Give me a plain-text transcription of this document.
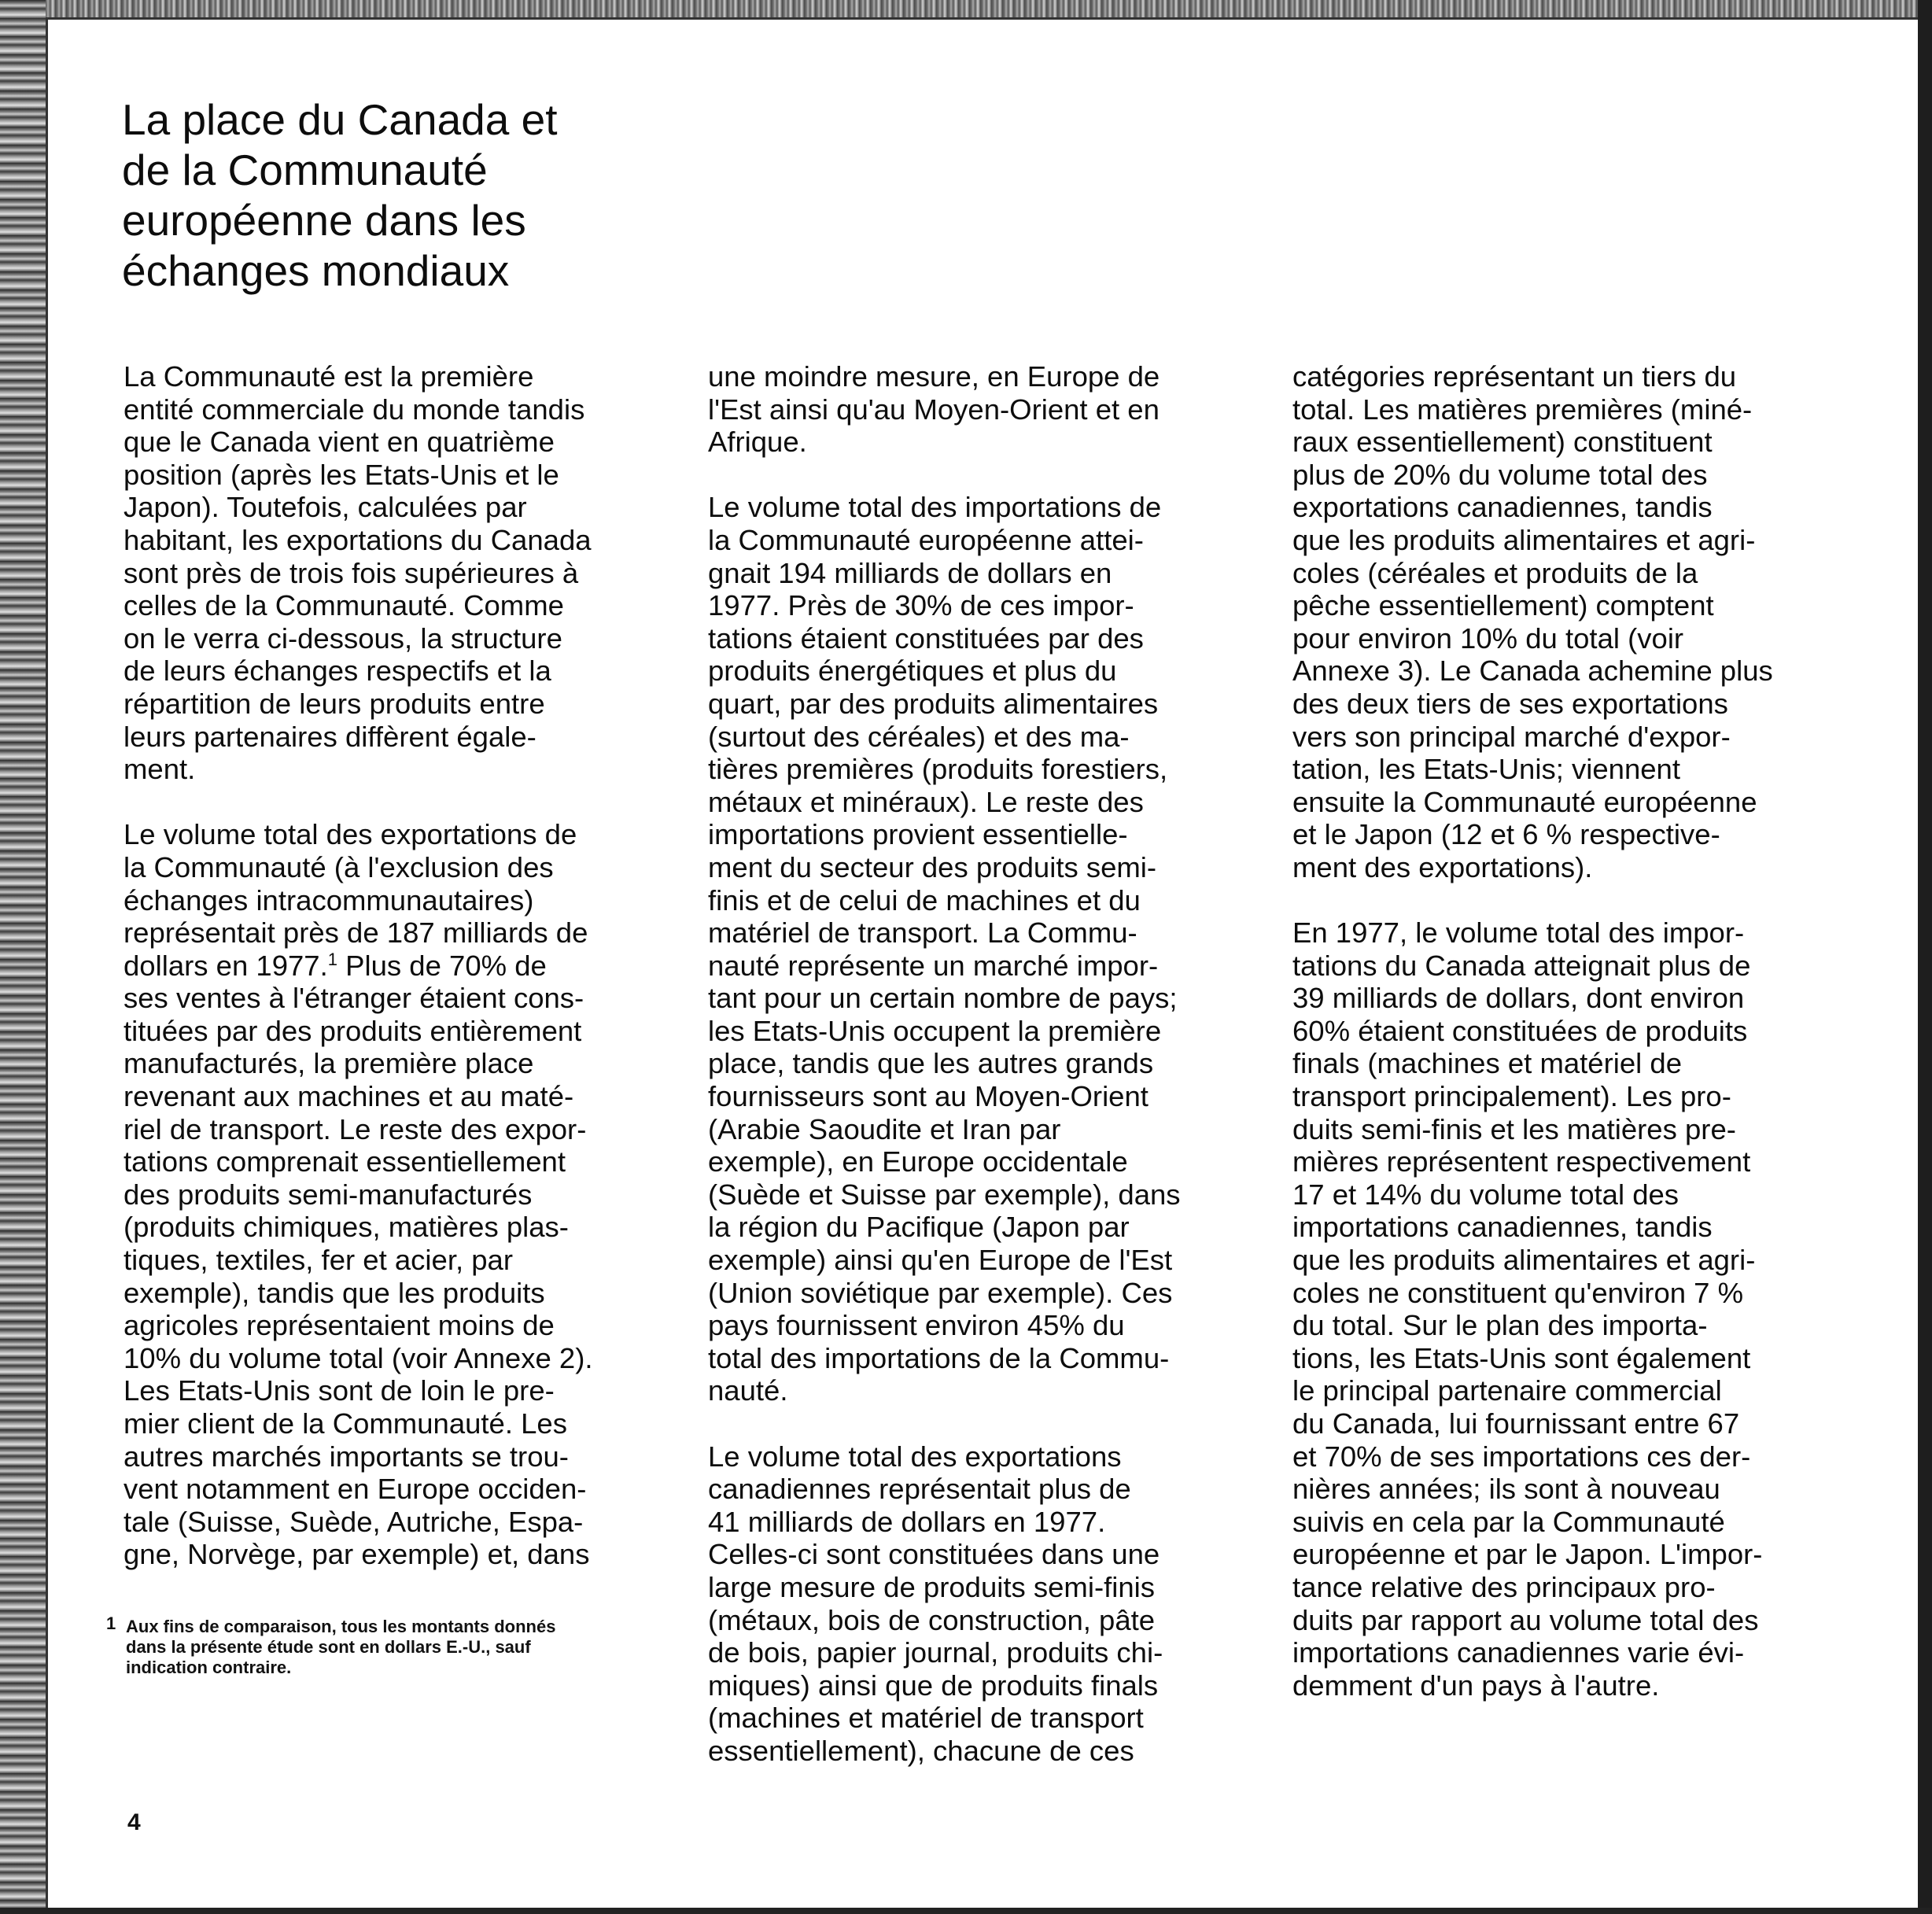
La place du Canada et
de la Communauté
européenne dans les
échanges mondiaux

La Communauté est la première
entité commerciale du monde tandis
que le Canada vient en quatrième
position (après les Etats-Unis et le
Japon). Toutefois, calculées par
habitant, les exportations du Canada
sont près de trois fois supérieures à
celles de la Communauté. Comme
on le verra ci-dessous, la structure
de leurs échanges respectifs et la
répartition de leurs produits entre
leurs partenaires diffèrent égale-
ment.

Le volume total des exportations de
la Communauté (à l'exclusion des
échanges intracommunautaires)
représentait près de 187 milliards de
dollars en 1977.$^1$ Plus de 70% de
ses ventes à l'étranger étaient cons-
tituées par des produits entièrement
manufacturés, la première place
revenant aux machines et au maté-
riel de transport. Le reste des expor-
tations comprenait essentiellement
des produits semi-manufacturés
(produits chimiques, matières plas-
tiques, textiles, fer et acier, par
exemple), tandis que les produits
agricoles représentaient moins de
10% du volume total (voir Annexe 2).
Les Etats-Unis sont de loin le pre-
mier client de la Communauté. Les
autres marchés importants se trou-
vent notamment en Europe occiden-
tale (Suisse, Suède, Autriche, Espa-
gne, Norvège, par exemple) et, dans

une moindre mesure, en Europe de
l'Est ainsi qu'au Moyen-Orient et en
Afrique.

Le volume total des importations de
la Communauté européenne attei-
gnait 194 milliards de dollars en
1977. Près de 30% de ces impor-
tations étaient constituées par des
produits énergétiques et plus du
quart, par des produits alimentaires
(surtout des céréales) et des ma-
tières premières (produits forestiers,
métaux et minéraux). Le reste des
importations provient essentielle-
ment du secteur des produits semi-
finis et de celui de machines et du
matériel de transport. La Commu-
nauté représente un marché impor-
tant pour un certain nombre de pays;
les Etats-Unis occupent la première
place, tandis que les autres grands
fournisseurs sont au Moyen-Orient
(Arabie Saoudite et Iran par
exemple), en Europe occidentale
(Suède et Suisse par exemple), dans
la région du Pacifique (Japon par
exemple) ainsi qu'en Europe de l'Est
(Union soviétique par exemple). Ces
pays fournissent environ 45% du
total des importations de la Commu-
nauté.

Le volume total des exportations
canadiennes représentait plus de
41 milliards de dollars en 1977.
Celles-ci sont constituées dans une
large mesure de produits semi-finis
(métaux, bois de construction, pâte
de bois, papier journal, produits chi-
miques) ainsi que de produits finals
(machines et matériel de transport
essentiellement), chacune de ces

catégories représentant un tiers du
total. Les matières premières (miné-
raux essentiellement) constituent
plus de 20% du volume total des
exportations canadiennes, tandis
que les produits alimentaires et agri-
coles (céréales et produits de la
pêche essentiellement) comptent
pour environ 10% du total (voir
Annexe 3). Le Canada achemine plus
des deux tiers de ses exportations
vers son principal marché d'expor-
tation, les Etats-Unis; viennent
ensuite la Communauté européenne
et le Japon (12 et 6 % respective-
ment des exportations).

En 1977, le volume total des impor-
tations du Canada atteignait plus de
39 milliards de dollars, dont environ
60% étaient constituées de produits
finals (machines et matériel de
transport principalement). Les pro-
duits semi-finis et les matières pre-
mières représentent respectivement
17 et 14% du volume total des
importations canadiennes, tandis
que les produits alimentaires et agri-
coles ne constituent qu'environ 7 %
du total. Sur le plan des importa-
tions, les Etats-Unis sont également
le principal partenaire commercial
du Canada, lui fournissant entre 67
et 70% de ses importations ces der-
nières années; ils sont à nouveau
suivis en cela par la Communauté
européenne et par le Japon. L'impor-
tance relative des principaux pro-
duits par rapport au volume total des
importations canadiennes varie évi-
demment d'un pays à l'autre.

1 Aux fins de comparaison, tous les montants donnés
dans la présente étude sont en dollars E.-U., sauf
indication contraire.
4
